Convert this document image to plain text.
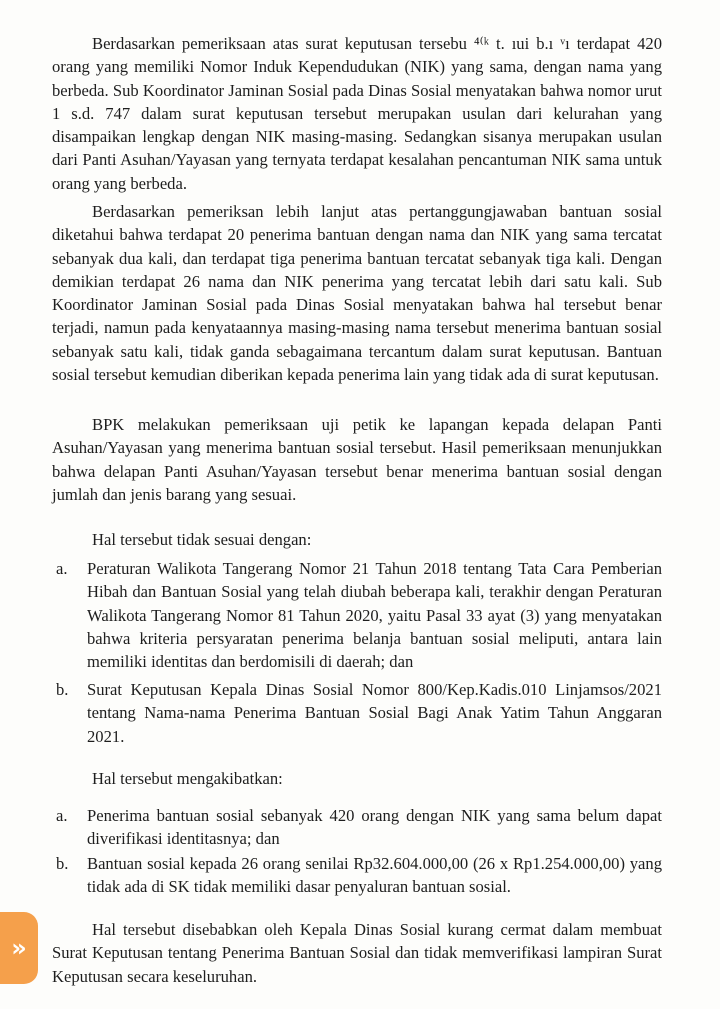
Berdasarkan pemeriksaan atas surat keputusan tersebu ⁴⁽ᵏ t. ıui b.ı ᵛı terdapat 420 orang yang memiliki Nomor Induk Kependudukan (NIK) yang sama, dengan nama yang berbeda. Sub Koordinator Jaminan Sosial pada Dinas Sosial menyatakan bahwa nomor urut 1 s.d. 747 dalam surat keputusan tersebut merupakan usulan dari kelurahan yang disampaikan lengkap dengan NIK masing-masing. Sedangkan sisanya merupakan usulan dari Panti Asuhan/Yayasan yang ternyata terdapat kesalahan pencantuman NIK sama untuk orang yang berbeda.

Berdasarkan pemeriksan lebih lanjut atas pertanggungjawaban bantuan sosial diketahui bahwa terdapat 20 penerima bantuan dengan nama dan NIK yang sama tercatat sebanyak dua kali, dan terdapat tiga penerima bantuan tercatat sebanyak tiga kali. Dengan demikian terdapat 26 nama dan NIK penerima yang tercatat lebih dari satu kali. Sub Koordinator Jaminan Sosial pada Dinas Sosial menyatakan bahwa hal tersebut benar terjadi, namun pada kenyataannya masing-masing nama tersebut menerima bantuan sosial sebanyak satu kali, tidak ganda sebagaimana tercantum dalam surat keputusan. Bantuan sosial tersebut kemudian diberikan kepada penerima lain yang tidak ada di surat keputusan.

BPK melakukan pemeriksaan uji petik ke lapangan kepada delapan Panti Asuhan/Yayasan yang menerima bantuan sosial tersebut. Hasil pemeriksaan menunjukkan bahwa delapan Panti Asuhan/Yayasan tersebut benar menerima bantuan sosial dengan jumlah dan jenis barang yang sesuai.

Hal tersebut tidak sesuai dengan:

a. Peraturan Walikota Tangerang Nomor 21 Tahun 2018 tentang Tata Cara Pemberian Hibah dan Bantuan Sosial yang telah diubah beberapa kali, terakhir dengan Peraturan Walikota Tangerang Nomor 81 Tahun 2020, yaitu Pasal 33 ayat (3) yang menyatakan bahwa kriteria persyaratan penerima belanja bantuan sosial meliputi, antara lain memiliki identitas dan berdomisili di daerah; dan
b. Surat Keputusan Kepala Dinas Sosial Nomor 800/Kep.Kadis.010 Linjamsos/2021 tentang Nama-nama Penerima Bantuan Sosial Bagi Anak Yatim Tahun Anggaran 2021.

Hal tersebut mengakibatkan:

a. Penerima bantuan sosial sebanyak 420 orang dengan NIK yang sama belum dapat diverifikasi identitasnya; dan
b. Bantuan sosial kepada 26 orang senilai Rp32.604.000,00 (26 x Rp1.254.000,00) yang tidak ada di SK tidak memiliki dasar penyaluran bantuan sosial.

Hal tersebut disebabkan oleh Kepala Dinas Sosial kurang cermat dalam membuat Surat Keputusan tentang Penerima Bantuan Sosial dan tidak memverifikasi lampiran Surat Keputusan secara keseluruhan.

»
